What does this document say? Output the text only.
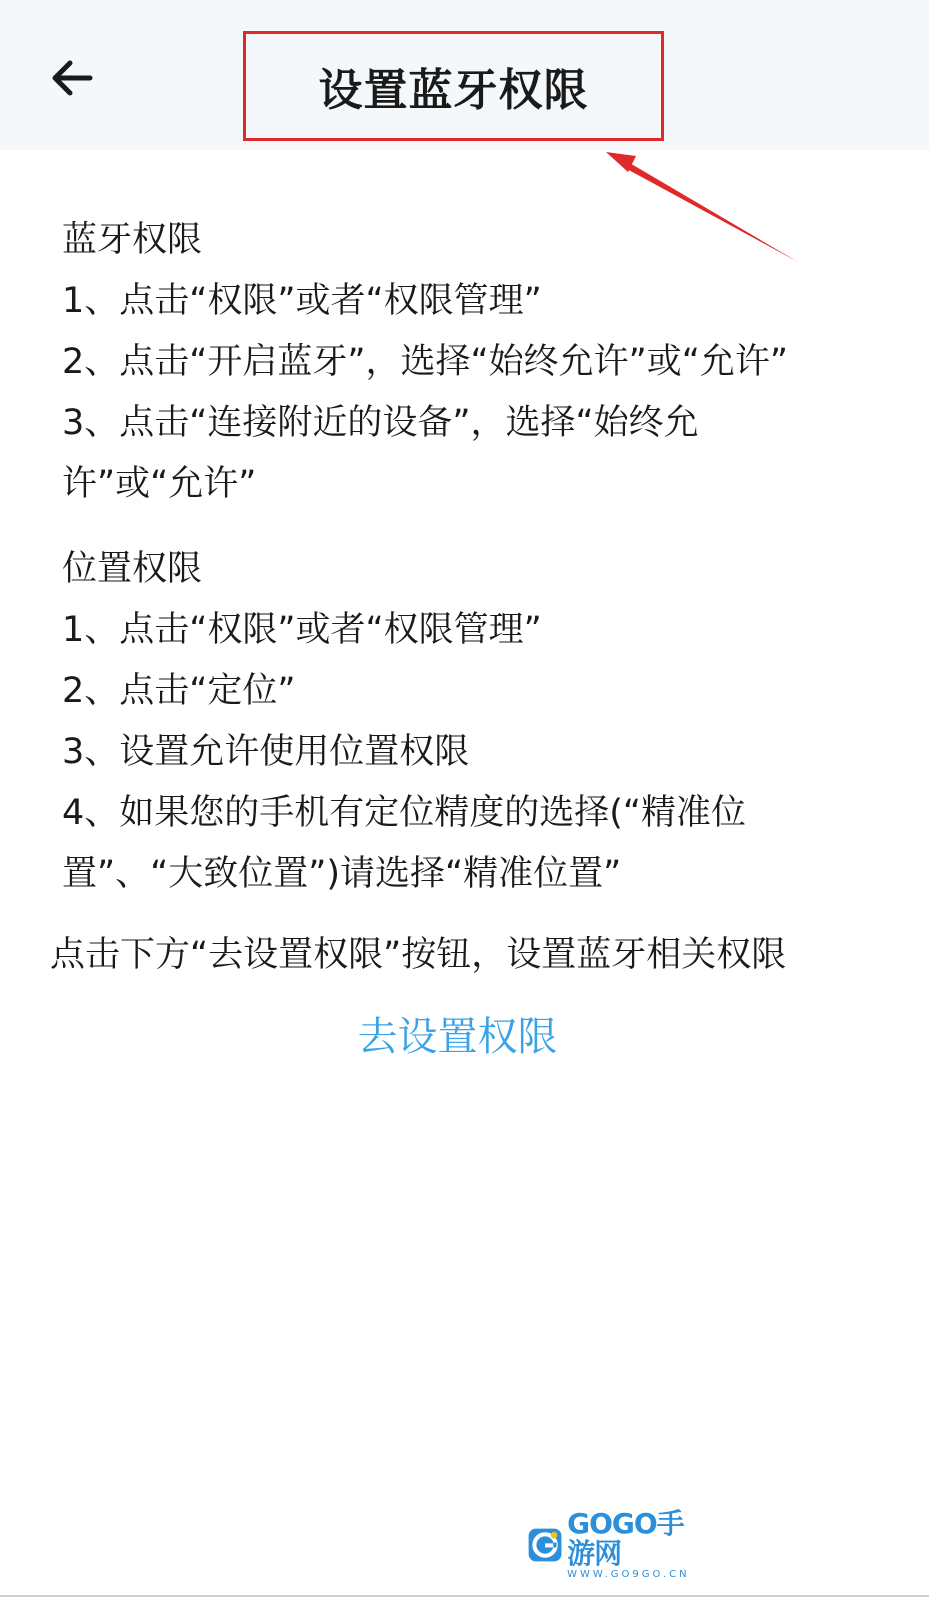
设置蓝牙权限
蓝牙权限
1、点击“权限”或者“权限管理”
2、点击“开启蓝牙”，选择“始终允许”或“允许”
3、点击“连接附近的设备”，选择“始终允
许”或“允许”
位置权限
1、点击“权限”或者“权限管理”
2、点击“定位”
3、设置允许使用位置权限
4、如果您的手机有定位精度的选择(“精准位
置”、“大致位置”)请选择“精准位置”
点击下方“去设置权限”按钮，设置蓝牙相关权限
去设置权限
GOGO手游网
WWW.GO9GO.CN
